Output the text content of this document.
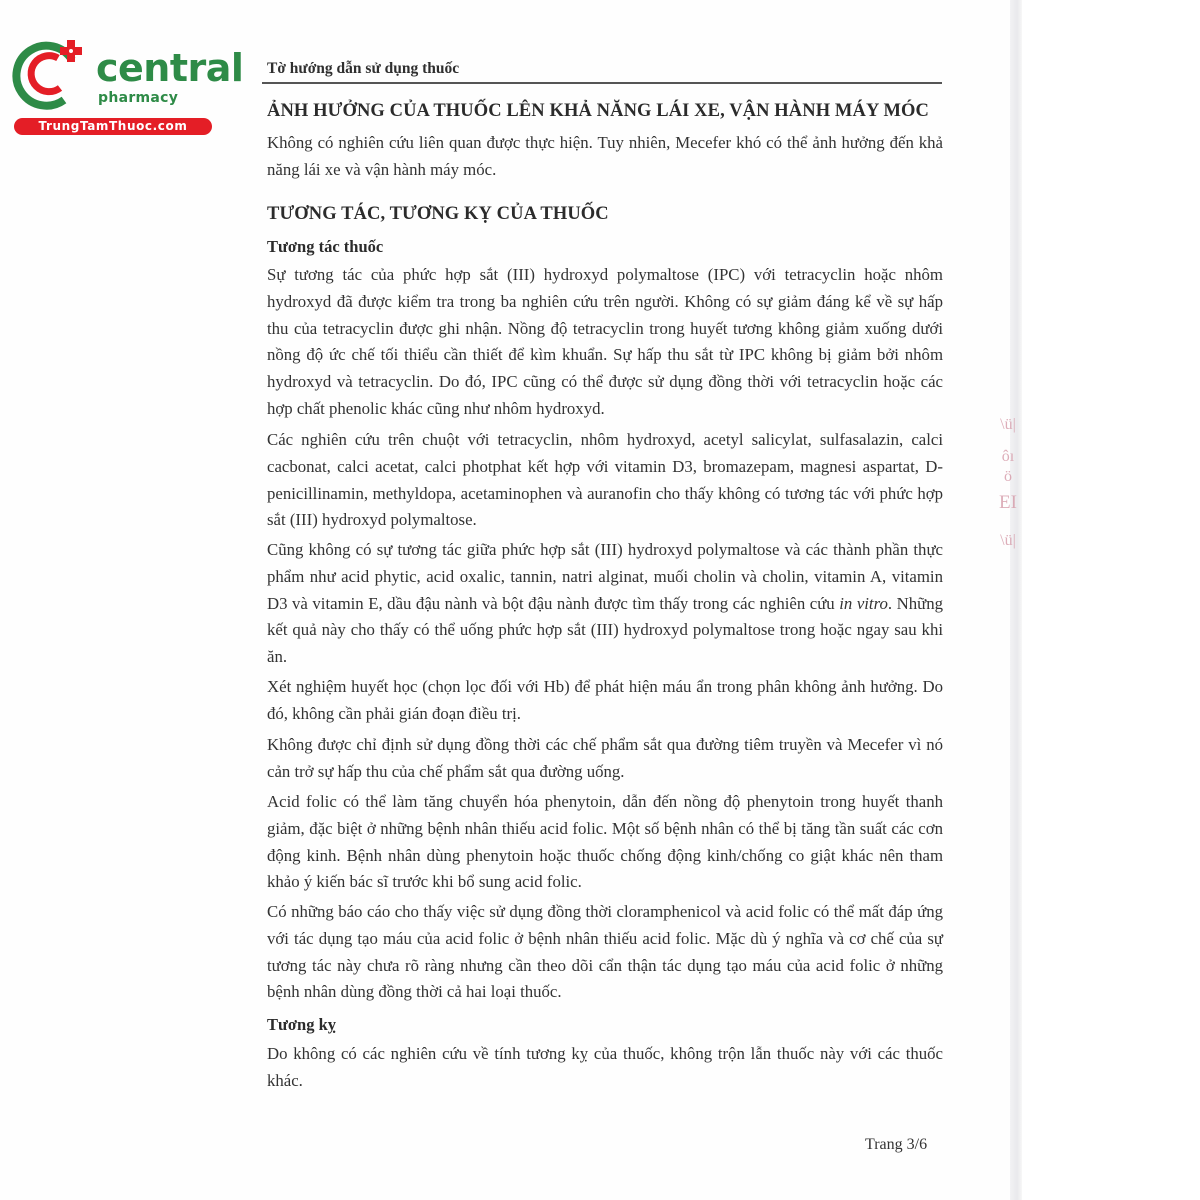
central
pharmacy
TrungTamThuoc.com
Tờ hướng dẫn sử dụng thuốc
ẢNH HƯỞNG CỦA THUỐC LÊN KHẢ NĂNG LÁI XE, VẬN HÀNH MÁY MÓC
Không có nghiên cứu liên quan được thực hiện. Tuy nhiên, Mecefer khó có thể ảnh hưởng đến khả năng lái xe và vận hành máy móc.
TƯƠNG TÁC, TƯƠNG KỴ CỦA THUỐC
Tương tác thuốc
Sự tương tác của phức hợp sắt (III) hydroxyd polymaltose (IPC) với tetracyclin hoặc nhôm hydroxyd đã được kiểm tra trong ba nghiên cứu trên người. Không có sự giảm đáng kể về sự hấp thu của tetracyclin được ghi nhận. Nồng độ tetracyclin trong huyết tương không giảm xuống dưới nồng độ ức chế tối thiểu cần thiết để kìm khuẩn. Sự hấp thu sắt từ IPC không bị giảm bởi nhôm hydroxyd và tetracyclin. Do đó, IPC cũng có thể được sử dụng đồng thời với tetracyclin hoặc các hợp chất phenolic khác cũng như nhôm hydroxyd.
Các nghiên cứu trên chuột với tetracyclin, nhôm hydroxyd, acetyl salicylat, sulfasalazin, calci cacbonat, calci acetat, calci photphat kết hợp với vitamin D3, bromazepam, magnesi aspartat, D-penicillinamin, methyldopa, acetaminophen và auranofin cho thấy không có tương tác với phức hợp sắt (III) hydroxyd polymaltose.
Cũng không có sự tương tác giữa phức hợp sắt (III) hydroxyd polymaltose và các thành phần thực phẩm như acid phytic, acid oxalic, tannin, natri alginat, muối cholin và cholin, vitamin A, vitamin D3 và vitamin E, dầu đậu nành và bột đậu nành được tìm thấy trong các nghiên cứu in vitro. Những kết quả này cho thấy có thể uống phức hợp sắt (III) hydroxyd polymaltose trong hoặc ngay sau khi ăn.
Xét nghiệm huyết học (chọn lọc đối với Hb) để phát hiện máu ẩn trong phân không ảnh hưởng. Do đó, không cần phải gián đoạn điều trị.
Không được chỉ định sử dụng đồng thời các chế phẩm sắt qua đường tiêm truyền và Mecefer vì nó cản trở sự hấp thu của chế phẩm sắt qua đường uống.
Acid folic có thể làm tăng chuyển hóa phenytoin, dẫn đến nồng độ phenytoin trong huyết thanh giảm, đặc biệt ở những bệnh nhân thiếu acid folic. Một số bệnh nhân có thể bị tăng tần suất các cơn động kinh. Bệnh nhân dùng phenytoin hoặc thuốc chống động kinh/chống co giật khác nên tham khảo ý kiến bác sĩ trước khi bổ sung acid folic.
Có những báo cáo cho thấy việc sử dụng đồng thời cloramphenicol và acid folic có thể mất đáp ứng với tác dụng tạo máu của acid folic ở bệnh nhân thiếu acid folic. Mặc dù ý nghĩa và cơ chế của sự tương tác này chưa rõ ràng nhưng cần theo dõi cẩn thận tác dụng tạo máu của acid folic ở những bệnh nhân dùng đồng thời cả hai loại thuốc.
Tương kỵ
Do không có các nghiên cứu về tính tương kỵ của thuốc, không trộn lẫn thuốc này với các thuốc khác.
Trang 3/6
\ü|
ôı
ö
EI
\ü|
